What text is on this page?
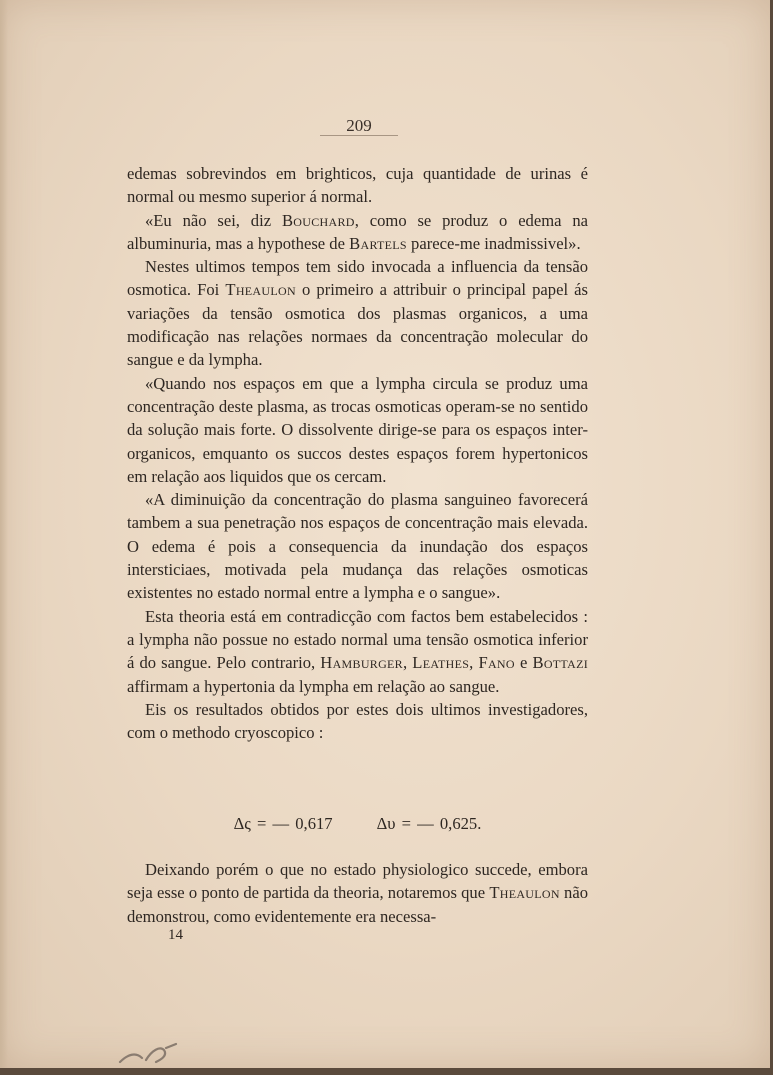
209

edemas sobrevindos em brighticos, cuja quantidade de urinas é normal ou mesmo superior á normal.

«Eu não sei, diz Bouchard, como se produz o edema na albuminuria, mas a hypothese de Bartels parece-me inadmissivel».

Nestes ultimos tempos tem sido invocada a influencia da tensão osmotica. Foi Theaulon o primeiro a attribuir o principal papel ás variações da tensão osmotica dos plasmas organicos, a uma modificação nas relações normaes da concentração molecular do sangue e da lympha.

«Quando nos espaços em que a lympha circula se produz uma concentração deste plasma, as trocas osmoticas operam-se no sentido da solução mais forte. O dissolvente dirige-se para os espaços inter-organicos, emquanto os succos destes espaços forem hypertonicos em relação aos liquidos que os cercam.

«A diminuição da concentração do plasma sanguineo favorecerá tambem a sua penetração nos espaços de concentração mais elevada. O edema é pois a consequencia da inundação dos espaços intersticiaes, motivada pela mudança das relações osmoticas existentes no estado normal entre a lympha e o sangue».

Esta theoria está em contradicção com factos bem estabelecidos : a lympha não possue no estado normal uma tensão osmotica inferior á do sangue. Pelo contrario, Hamburger, Leathes, Fano e Bottazi affirmam a hypertonia da lympha em relação ao sangue.

Eis os resultados obtidos por estes dois ultimos investigadores, com o methodo cryoscopico :

Δς = — 0,617	Δυ = — 0,625.

Deixando porém o que no estado physiologico succede, embora seja esse o ponto de partida da theoria, notaremos que Theaulon não demonstrou, como evidentemente era necessa-

14
